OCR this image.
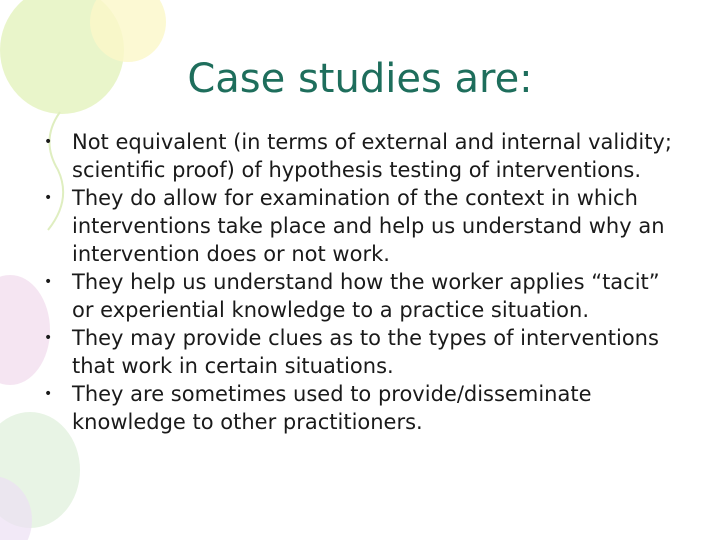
Case studies are:
• Not equivalent (in terms of external and internal validity; scientific proof) of hypothesis testing of interventions.
• They do allow for examination of the context in which interventions take place and help us understand why an intervention does or not work.
• They help us understand how the worker applies “tacit” or experiential knowledge to a practice situation.
• They may provide clues as to the types of interventions that work in certain situations.
• They are sometimes used to provide/disseminate knowledge to other practitioners.
